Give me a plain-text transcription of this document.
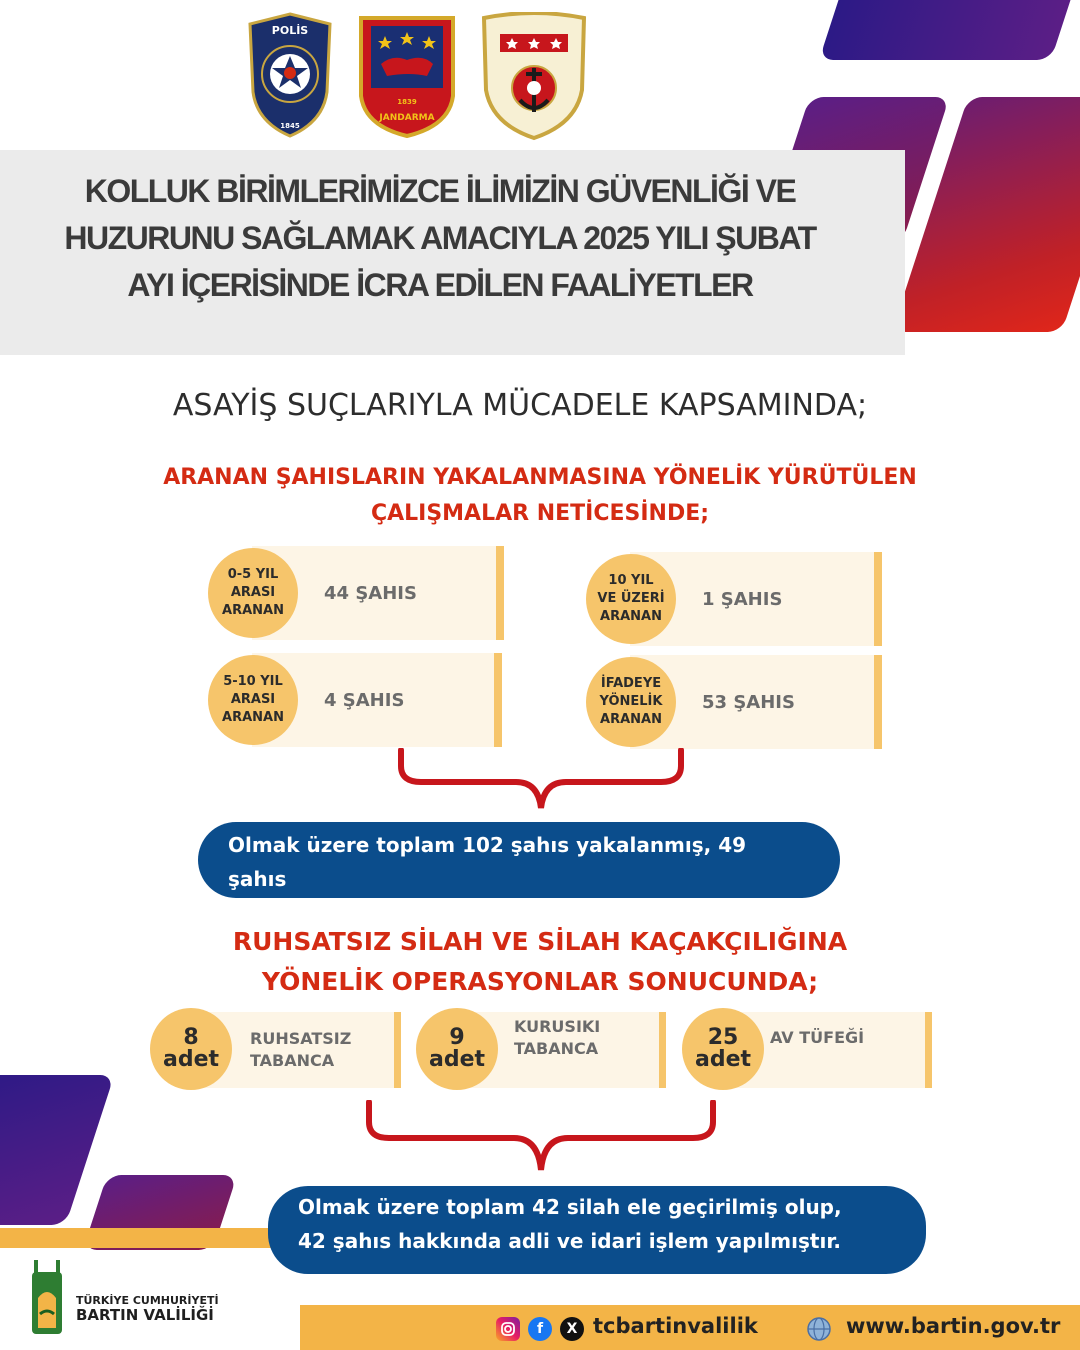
POLİS
1845
1839
JANDARMA
KOLLUK BİRİMLERİMİZCE İLİMİZİN GÜVENLİĞİ VE HUZURUNU SAĞLAMAK AMACIYLA 2025 YILI ŞUBAT AYI İÇERİSİNDE İCRA EDİLEN FAALİYETLER
ASAYİŞ SUÇLARIYLA MÜCADELE KAPSAMINDA;
ARANAN ŞAHISLARIN YAKALANMASINA YÖNELİK YÜRÜTÜLEN
ÇALIŞMALAR NETİCESİNDE;
0-5 YIL
ARASI
ARANAN
44 ŞAHIS
10 YIL
VE ÜZERİ
ARANAN
1 ŞAHIS
5-10 YIL
ARASI
ARANAN
4 ŞAHIS
İFADEYE
YÖNELİK
ARANAN
53 ŞAHIS
Olmak üzere toplam 102 şahıs yakalanmış, 49 şahıs
tutuklanmıştır.
RUHSATSIZ SİLAH VE SİLAH KAÇAKÇILIĞINA
YÖNELİK OPERASYONLAR SONUCUNDA;
8
adet
RUHSATSIZ
TABANCA
9
adet
KURUSIKI
TABANCA	25
adet
AV TÜFEĞİ
Olmak üzere toplam 42 silah ele geçirilmiş olup,
42 şahıs hakkında adli ve idari işlem yapılmıştır.
TÜRKİYE CUMHURİYETİ
BARTIN VALİLİĞİ
f	X tcbartinvalilik	www.bartin.gov.tr
